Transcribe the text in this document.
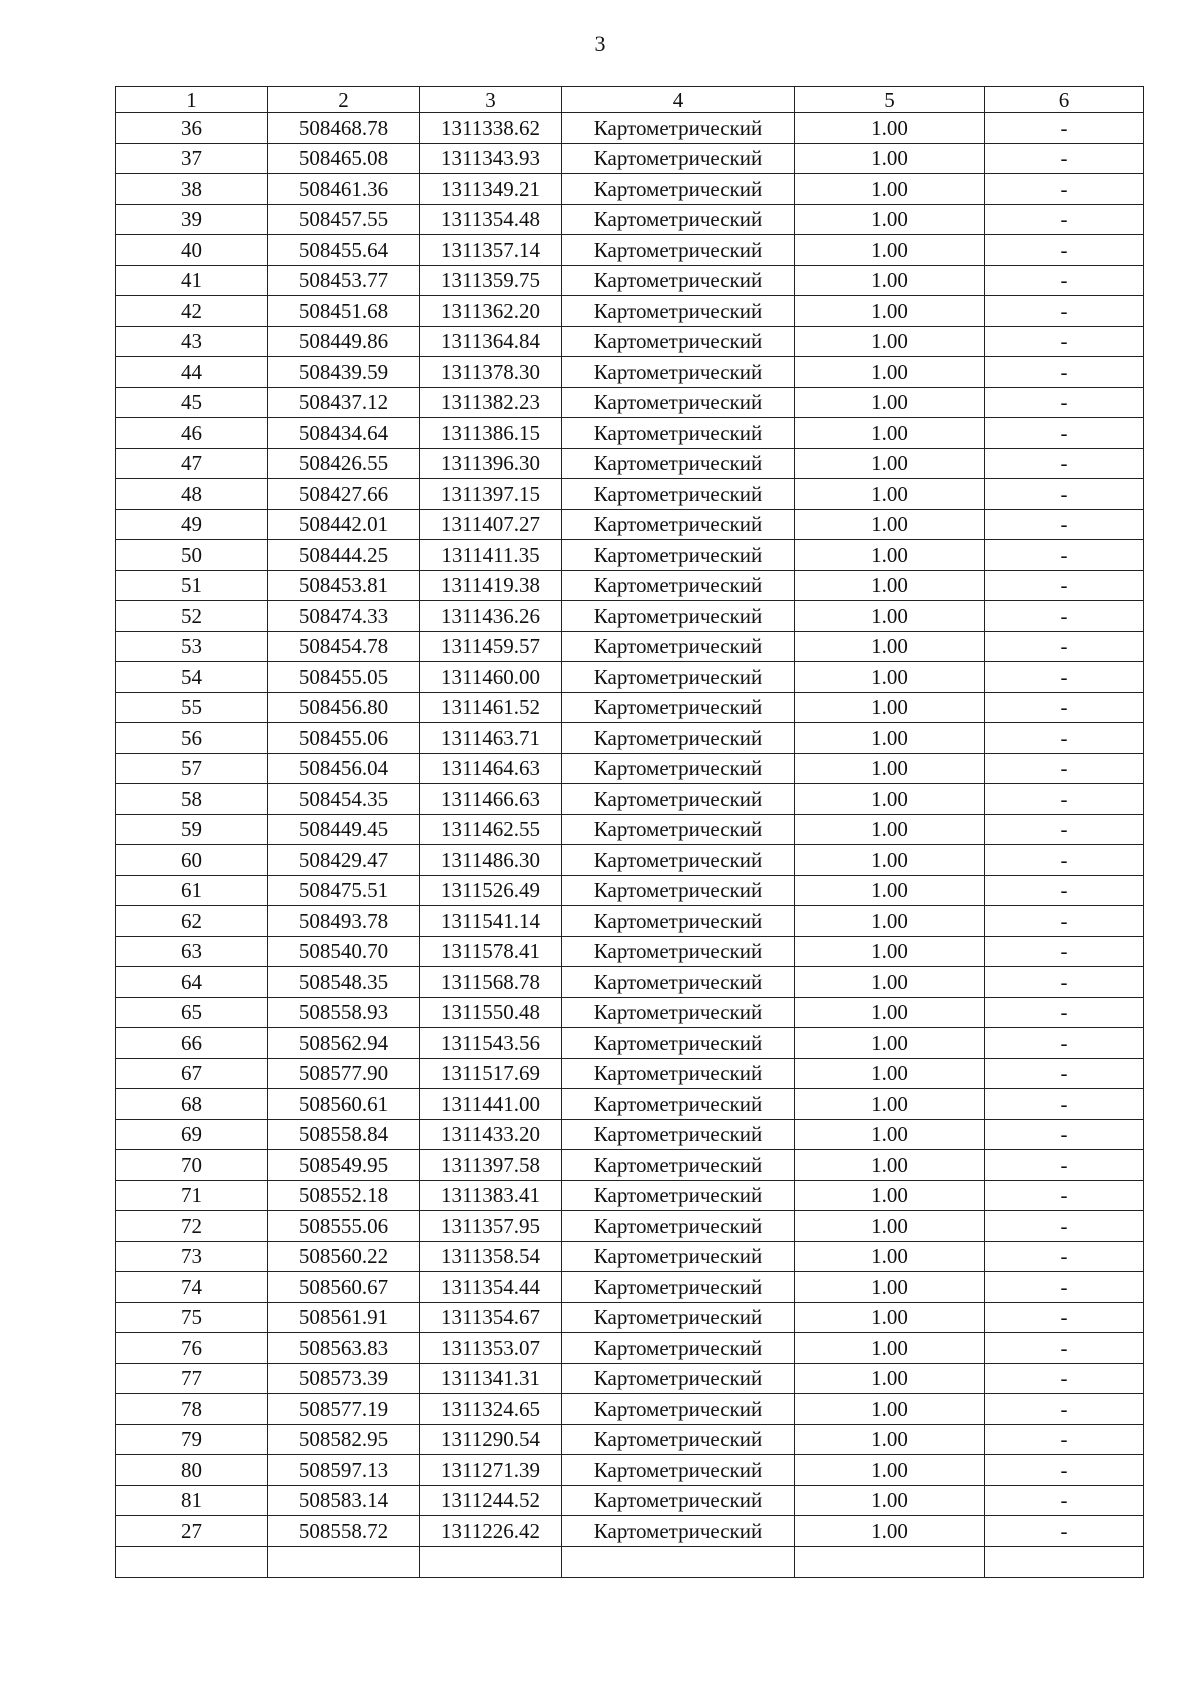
3
1	2	3	4	5	6
36	508468.78	1311338.62	Картометрический	1.00	-
37	508465.08	1311343.93	Картометрический	1.00	-
38	508461.36	1311349.21	Картометрический	1.00	-
39	508457.55	1311354.48	Картометрический	1.00	-
40	508455.64	1311357.14	Картометрический	1.00	-
41	508453.77	1311359.75	Картометрический	1.00	-
42	508451.68	1311362.20	Картометрический	1.00	-
43	508449.86	1311364.84	Картометрический	1.00	-
44	508439.59	1311378.30	Картометрический	1.00	-
45	508437.12	1311382.23	Картометрический	1.00	-
46	508434.64	1311386.15	Картометрический	1.00	-
47	508426.55	1311396.30	Картометрический	1.00	-
48	508427.66	1311397.15	Картометрический	1.00	-
49	508442.01	1311407.27	Картометрический	1.00	-
50	508444.25	1311411.35	Картометрический	1.00	-
51	508453.81	1311419.38	Картометрический	1.00	-
52	508474.33	1311436.26	Картометрический	1.00	-
53	508454.78	1311459.57	Картометрический	1.00	-
54	508455.05	1311460.00	Картометрический	1.00	-
55	508456.80	1311461.52	Картометрический	1.00	-
56	508455.06	1311463.71	Картометрический	1.00	-
57	508456.04	1311464.63	Картометрический	1.00	-
58	508454.35	1311466.63	Картометрический	1.00	-
59	508449.45	1311462.55	Картометрический	1.00	-
60	508429.47	1311486.30	Картометрический	1.00	-
61	508475.51	1311526.49	Картометрический	1.00	-
62	508493.78	1311541.14	Картометрический	1.00	-
63	508540.70	1311578.41	Картометрический	1.00	-
64	508548.35	1311568.78	Картометрический	1.00	-
65	508558.93	1311550.48	Картометрический	1.00	-
66	508562.94	1311543.56	Картометрический	1.00	-
67	508577.90	1311517.69	Картометрический	1.00	-
68	508560.61	1311441.00	Картометрический	1.00	-
69	508558.84	1311433.20	Картометрический	1.00	-
70	508549.95	1311397.58	Картометрический	1.00	-
71	508552.18	1311383.41	Картометрический	1.00	-
72	508555.06	1311357.95	Картометрический	1.00	-
73	508560.22	1311358.54	Картометрический	1.00	-
74	508560.67	1311354.44	Картометрический	1.00	-
75	508561.91	1311354.67	Картометрический	1.00	-
76	508563.83	1311353.07	Картометрический	1.00	-
77	508573.39	1311341.31	Картометрический	1.00	-
78	508577.19	1311324.65	Картометрический	1.00	-
79	508582.95	1311290.54	Картометрический	1.00	-
80	508597.13	1311271.39	Картометрический	1.00	-
81	508583.14	1311244.52	Картометрический	1.00	-
27	508558.72	1311226.42	Картометрический	1.00	-
